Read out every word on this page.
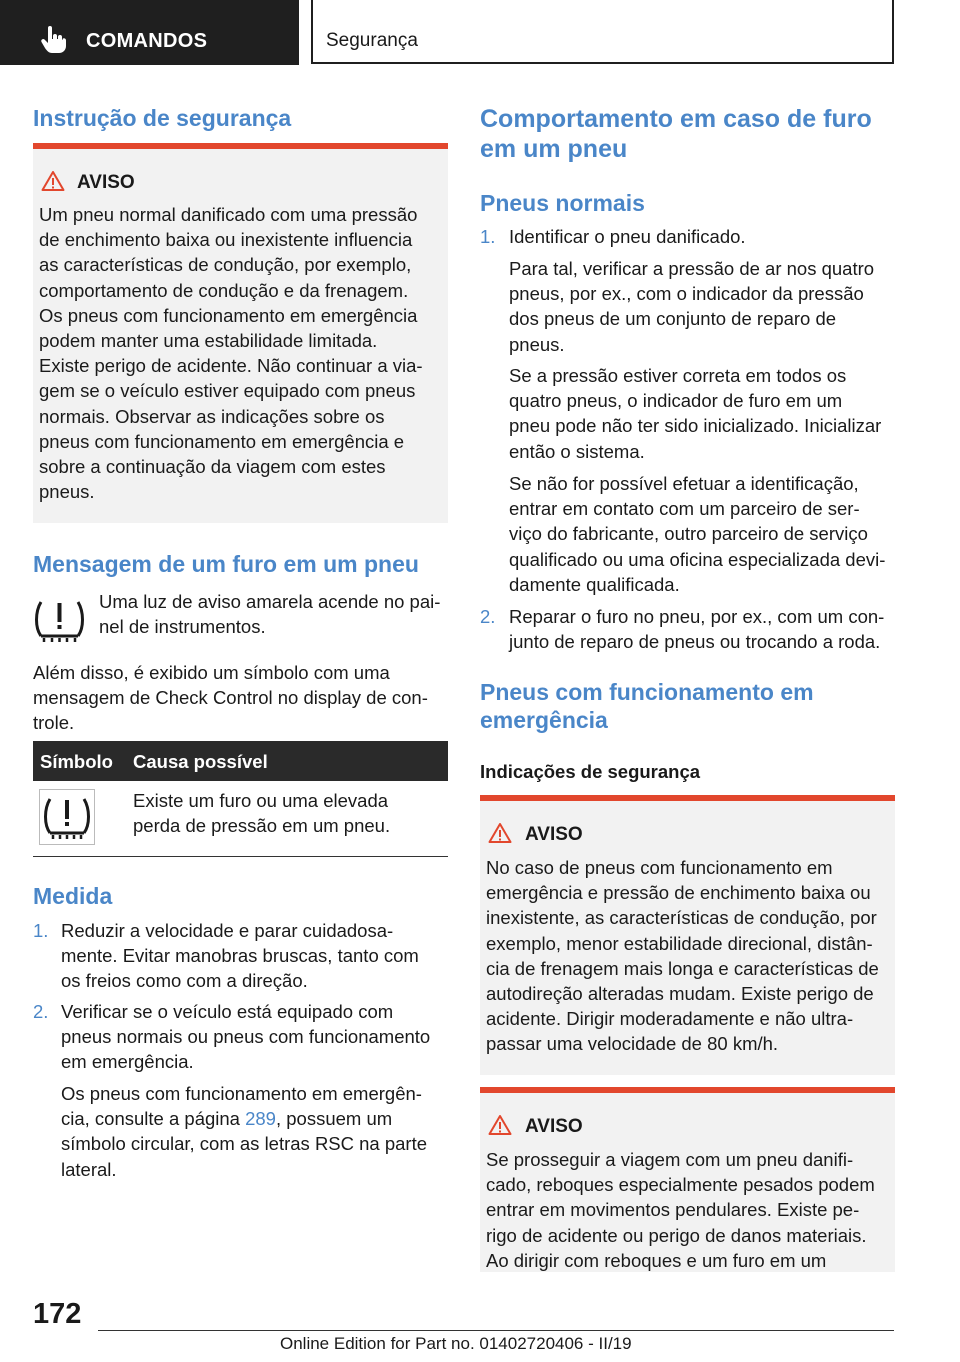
COMANDOS	Segurança
Instrução de segurança
AVISO
Um pneu normal danificado com uma pressão
de enchimento baixa ou inexistente influencia
as características de condução, por exemplo,
comportamento de condução e da frenagem.
Os pneus com funcionamento em emergência
podem manter uma estabilidade limitada.
Existe perigo de acidente. Não continuar a via-
gem se o veículo estiver equipado com pneus
normais. Observar as indicações sobre os
pneus com funcionamento em emergência e
sobre a continuação da viagem com estes
pneus.
Mensagem de um furo em um pneu
Uma luz de aviso amarela acende no pai-
nel de instrumentos.
Além disso, é exibido um símbolo com uma
mensagem de Check Control no display de con-
trole.
Símbolo Causa possível
Existe um furo ou uma elevada
perda de pressão em um pneu.
Medida
1. Reduzir a velocidade e parar cuidadosa-
mente. Evitar manobras bruscas, tanto com
os freios como com a direção.
2. Verificar se o veículo está equipado com
pneus normais ou pneus com funcionamento
em emergência.
Os pneus com funcionamento em emergên-
cia, consulte a página 289, possuem um
símbolo circular, com as letras RSC na parte
lateral.
Comportamento em caso de furo
em um pneu
Pneus normais
1. Identificar o pneu danificado.
Para tal, verificar a pressão de ar nos quatro
pneus, por ex., com o indicador da pressão
dos pneus de um conjunto de reparo de
pneus.
Se a pressão estiver correta em todos os
quatro pneus, o indicador de furo em um
pneu pode não ter sido inicializado. Inicializar
então o sistema.
Se não for possível efetuar a identificação,
entrar em contato com um parceiro de ser-
viço do fabricante, outro parceiro de serviço
qualificado ou uma oficina especializada devi-
damente qualificada.
2. Reparar o furo no pneu, por ex., com um con-
junto de reparo de pneus ou trocando a roda.
Pneus com funcionamento em
emergência
Indicações de segurança
AVISO
No caso de pneus com funcionamento em
emergência e pressão de enchimento baixa ou
inexistente, as características de condução, por
exemplo, menor estabilidade direcional, distân-
cia de frenagem mais longa e características de
autodireção alteradas mudam. Existe perigo de
acidente. Dirigir moderadamente e não ultra-
passar uma velocidade de 80 km/h.
AVISO
Se prosseguir a viagem com um pneu danifi-
cado, reboques especialmente pesados podem
entrar em movimentos pendulares. Existe pe-
rigo de acidente ou perigo de danos materiais.
Ao dirigir com reboques e um furo em um
172
Online Edition for Part no. 01402720406 - II/19
